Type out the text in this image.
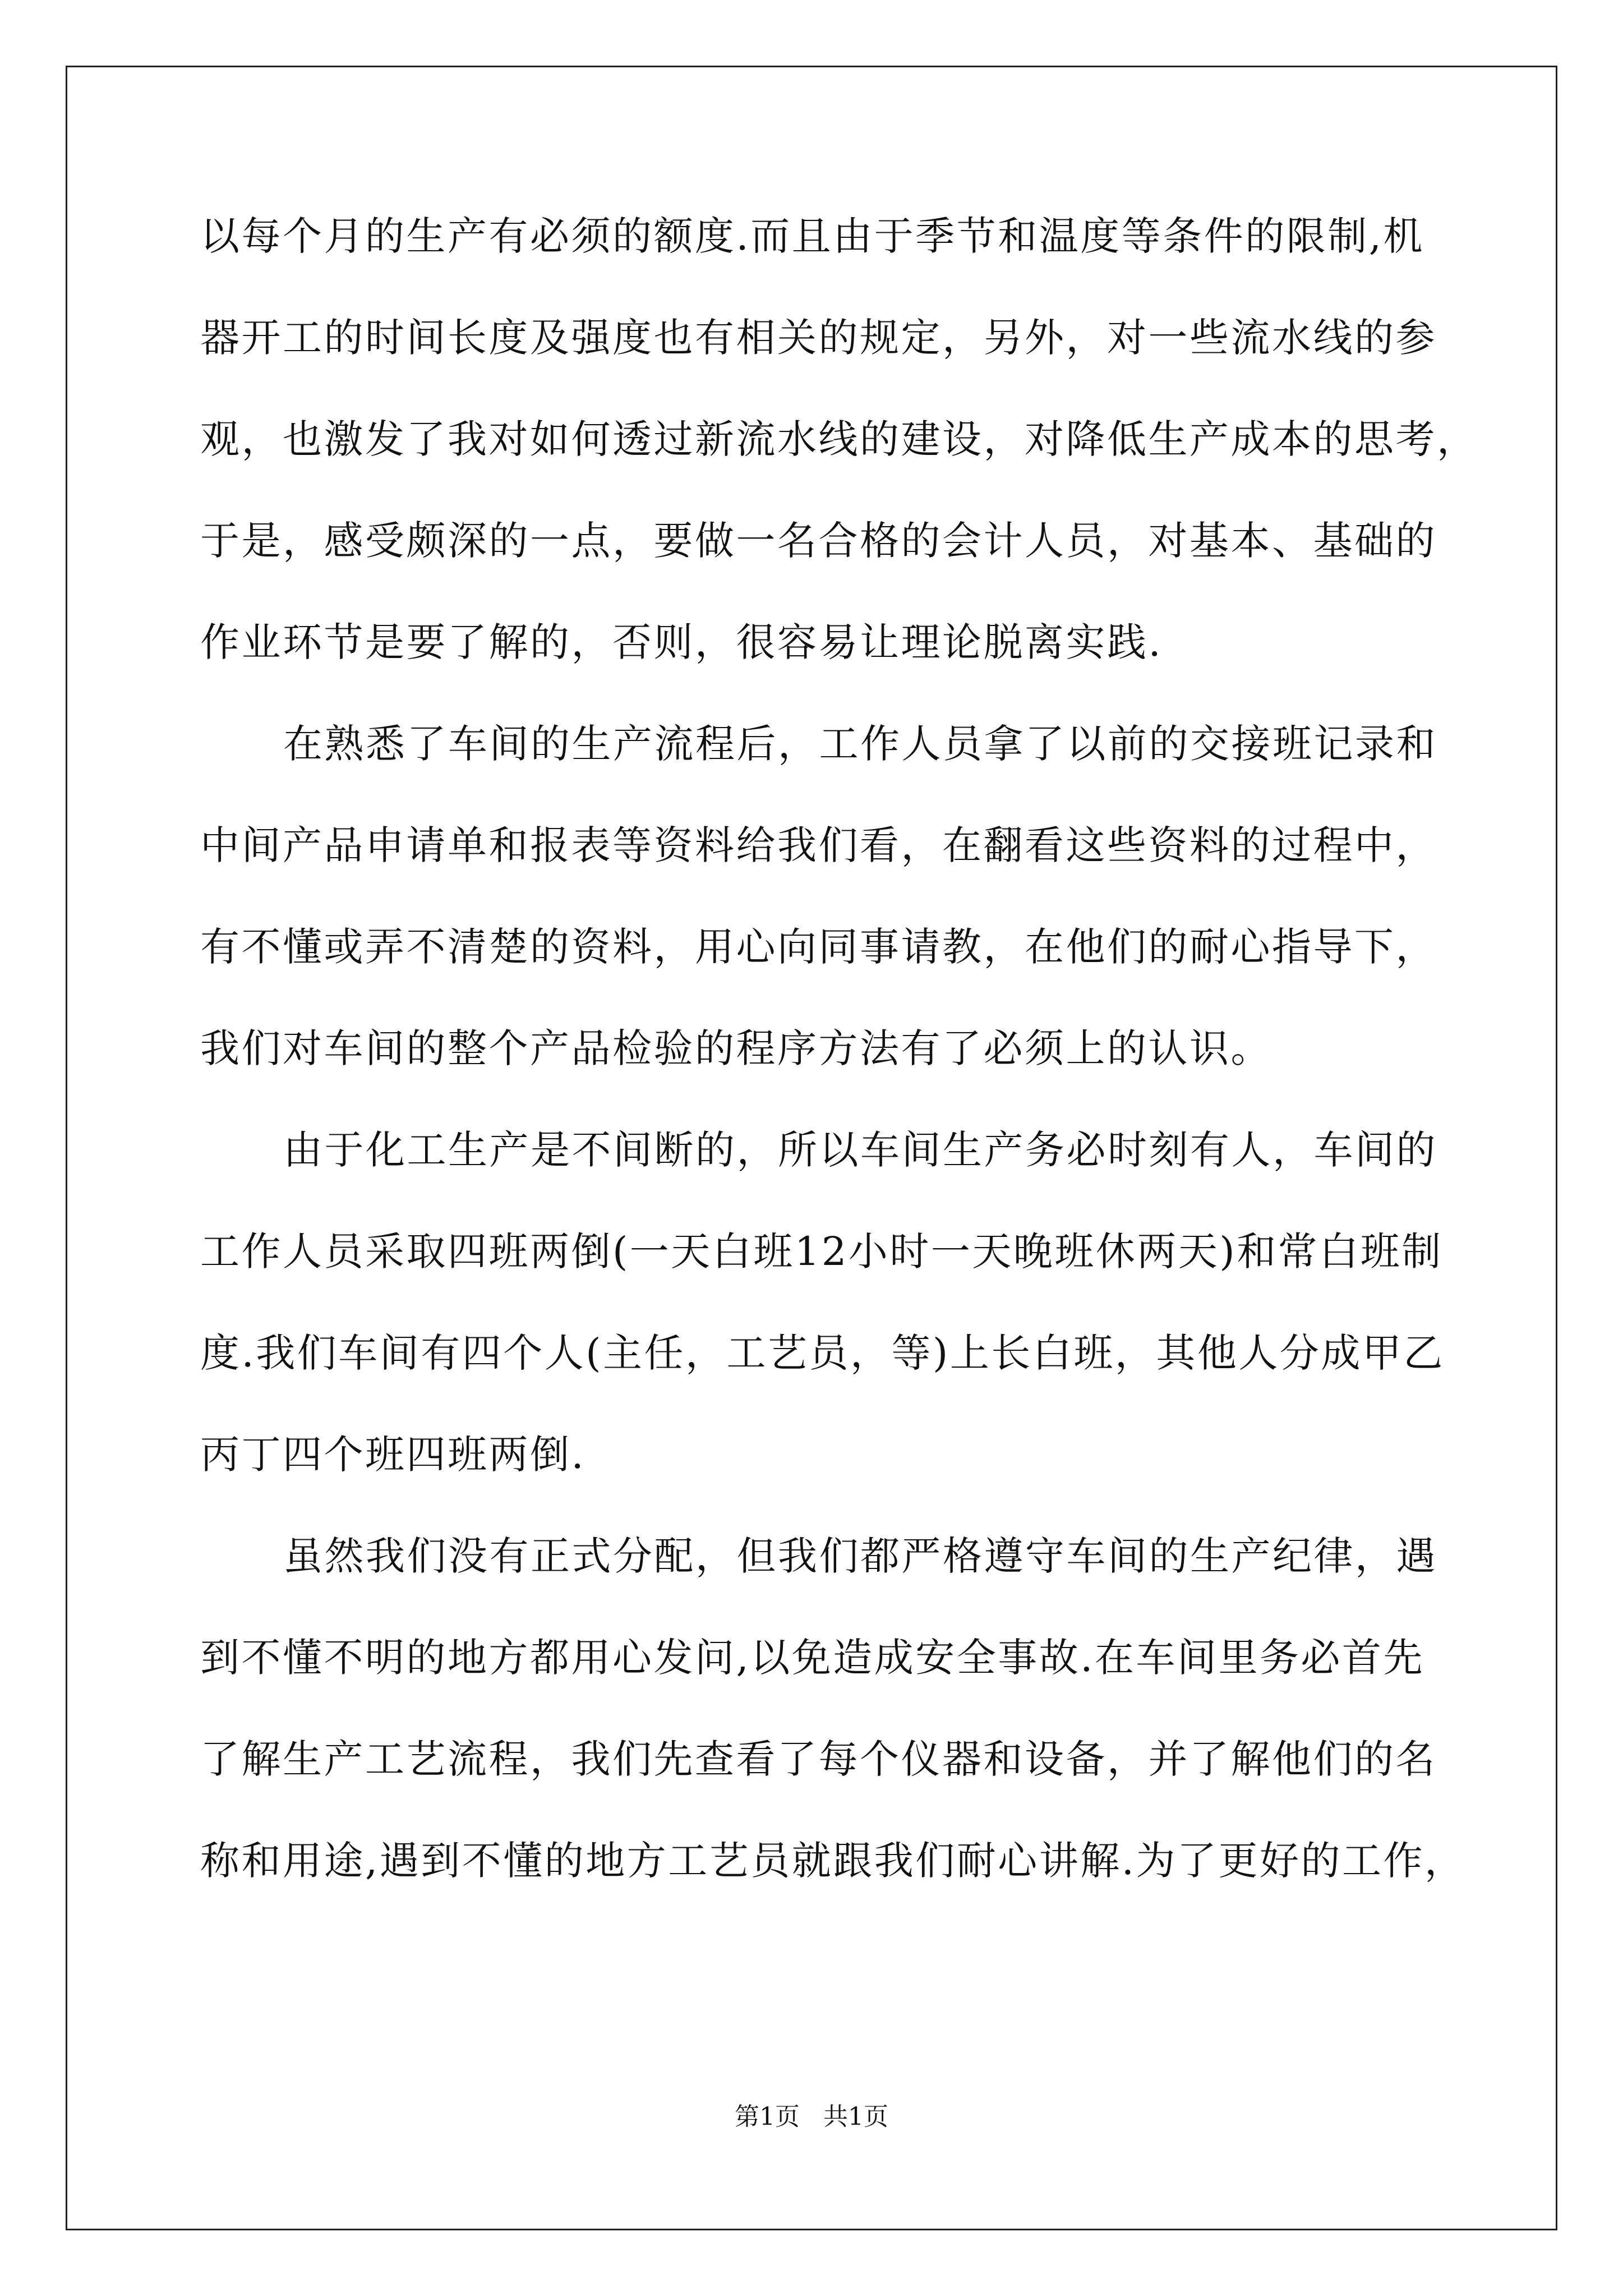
以每个月的生产有必须的额度.而且由于季节和温度等条件的限制,机
器开工的时间长度及强度也有相关的规定，另外，对一些流水线的参
观，也激发了我对如何透过新流水线的建设，对降低生产成本的思考，
于是，感受颇深的一点，要做一名合格的会计人员，对基本、基础的
作业环节是要了解的，否则，很容易让理论脱离实践.
在熟悉了车间的生产流程后，工作人员拿了以前的交接班记录和
中间产品申请单和报表等资料给我们看，在翻看这些资料的过程中，
有不懂或弄不清楚的资料，用心向同事请教，在他们的耐心指导下，
我们对车间的整个产品检验的程序方法有了必须上的认识。
由于化工生产是不间断的，所以车间生产务必时刻有人，车间的
工作人员采取四班两倒(一天白班12小时一天晚班休两天)和常白班制
度.我们车间有四个人(主任，工艺员，等)上长白班，其他人分成甲乙
丙丁四个班四班两倒.
虽然我们没有正式分配，但我们都严格遵守车间的生产纪律，遇
到不懂不明的地方都用心发问,以免造成安全事故.在车间里务必首先
了解生产工艺流程，我们先查看了每个仪器和设备，并了解他们的名
称和用途,遇到不懂的地方工艺员就跟我们耐心讲解.为了更好的工作，
第1页   共1页
